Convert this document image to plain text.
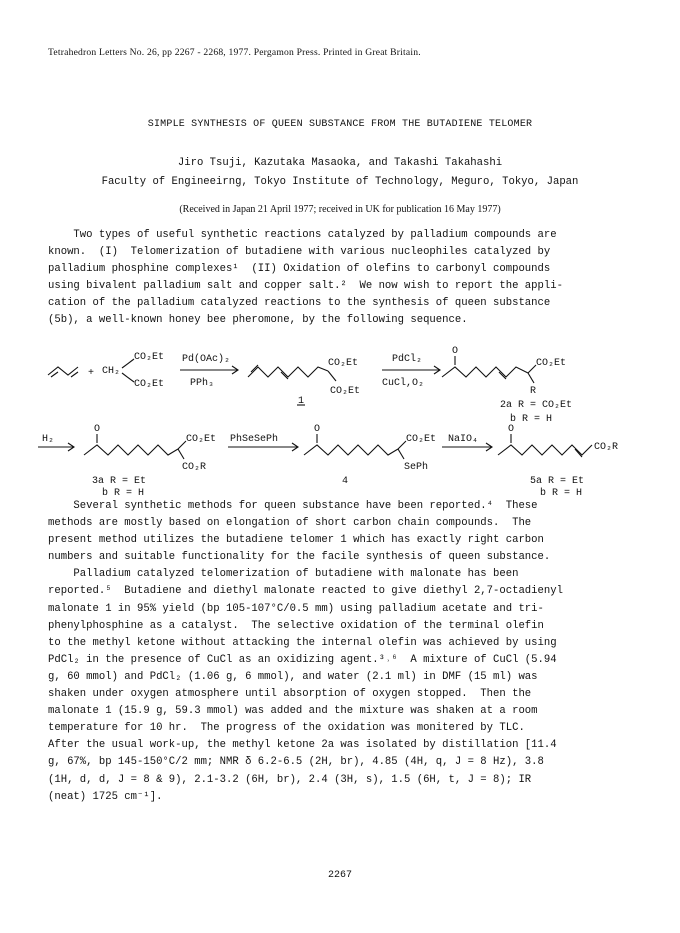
Tetrahedron Letters No. 26, pp 2267 - 2268, 1977. Pergamon Press. Printed in Great Britain.
SIMPLE SYNTHESIS OF QUEEN SUBSTANCE FROM THE BUTADIENE TELOMER
Jiro Tsuji, Kazutaka Masaoka, and Takashi Takahashi
Faculty of Engineeirng, Tokyo Institute of Technology, Meguro, Tokyo, Japan
(Received in Japan 21 April 1977; received in UK for publication 16 May 1977)

Two types of useful synthetic reactions catalyzed by palladium compounds are

known.  (I)  Telomerization of butadiene with various nucleophiles catalyzed by

palladium phosphine complexes¹  (II) Oxidation of olefins to carbonyl compounds

using bivalent palladium salt and copper salt.²  We now wish to report the appli-

cation of the palladium catalyzed reactions to the synthesis of queen substance

(5b), a well-known honey bee pheromone, by the following sequence.

+ CH₂
CO₂Et
CO₂Et
Pd(OAc)₂
PPh₃
CO₂Et
CO₂Et
1
PdCl₂
CuCl,O₂
O
CO₂Et
R
2a R = CO₂Et
b R = H
H₂
O
CO₂Et
CO₂R
3a R = Et
b R = H
PhSeSePh
O
CO₂Et
SePh
4
NaIO₄
O
CO₂R
5a R = Et
b R = H

Several synthetic methods for queen substance have been reported.⁴  These

methods are mostly based on elongation of short carbon chain compounds.  The

present method utilizes the butadiene telomer 1 which has exactly right carbon

numbers and suitable functionality for the facile synthesis of queen substance.

Palladium catalyzed telomerization of butadiene with malonate has been

reported.⁵  Butadiene and diethyl malonate reacted to give diethyl 2,7-octadienyl

malonate 1 in 95% yield (bp 105-107°C/0.5 mm) using palladium acetate and tri-

phenylphosphine as a catalyst.  The selective oxidation of the terminal olefin

to the methyl ketone without attacking the internal olefin was achieved by using

PdCl₂ in the presence of CuCl as an oxidizing agent.³˒⁶  A mixture of CuCl (5.94

g, 60 mmol) and PdCl₂ (1.06 g, 6 mmol), and water (2.1 ml) in DMF (15 ml) was

shaken under oxygen atmosphere until absorption of oxygen stopped.  Then the

malonate 1 (15.9 g, 59.3 mmol) was added and the mixture was shaken at a room

temperature for 10 hr.  The progress of the oxidation was monitered by TLC.

After the usual work-up, the methyl ketone 2a was isolated by distillation [11.4

g, 67%, bp 145-150°C/2 mm; NMR δ 6.2-6.5 (2H, br), 4.85 (4H, q, J = 8 Hz), 3.8

(1H, d, d, J = 8 & 9), 2.1-3.2 (6H, br), 2.4 (3H, s), 1.5 (6H, t, J = 8); IR

(neat) 1725 cm⁻¹].

2267
